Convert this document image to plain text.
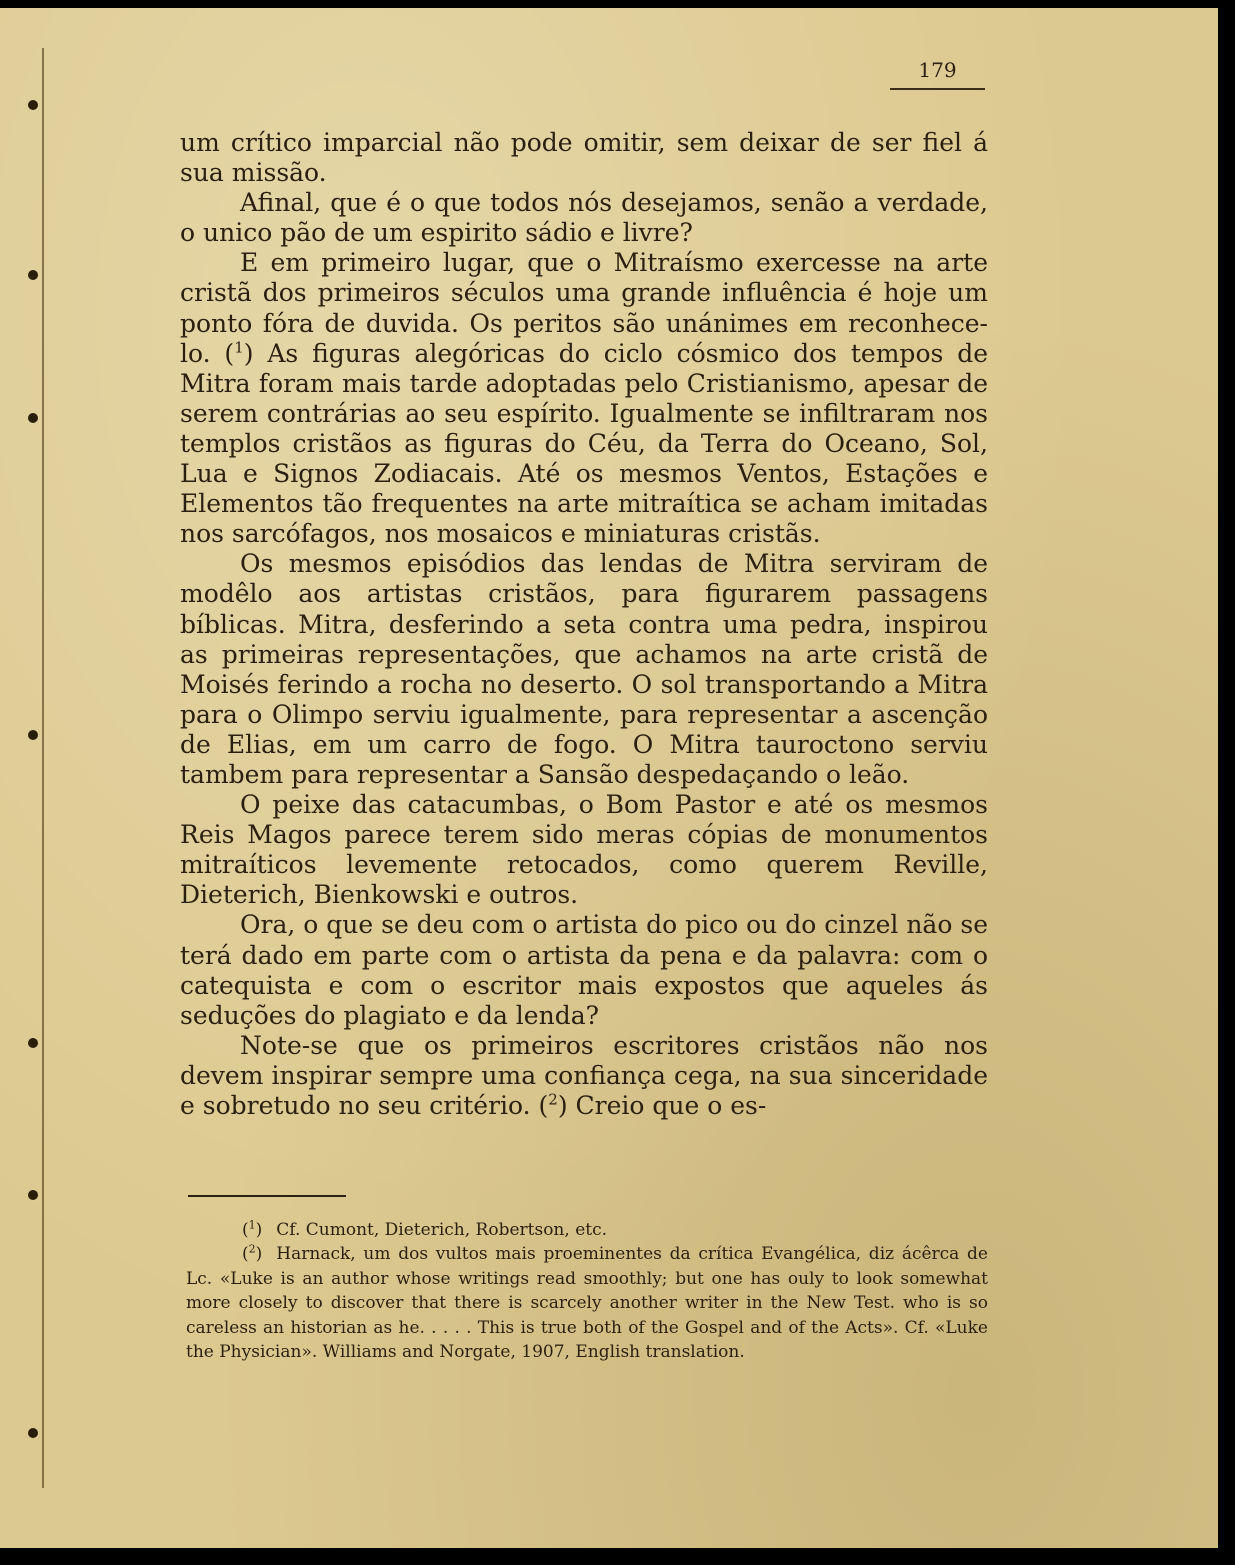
179

um crítico imparcial não pode omitir, sem deixar de ser fiel á sua missão.

Afinal, que é o que todos nós desejamos, senão a verdade, o unico pão de um espirito sádio e livre?

E em primeiro lugar, que o Mitraísmo exercesse na arte cristã dos primeiros séculos uma grande influência é hoje um ponto fóra de duvida. Os peritos são unánimes em reconhece-lo. ($^1$) As figuras alegóricas do ciclo cósmico dos tempos de Mitra foram mais tarde adoptadas pelo Cristianismo, apesar de serem contrárias ao seu espírito. Igualmente se infiltraram nos templos cristãos as figuras do Céu, da Terra do Oceano, Sol, Lua e Signos Zodiacais. Até os mesmos Ventos, Estações e Elementos tão frequentes na arte mitraítica se acham imitadas nos sarcófagos, nos mosaicos e miniaturas cristãs.

Os mesmos episódios das lendas de Mitra serviram de modêlo aos artistas cristãos, para figurarem passagens bíblicas. Mitra, desferindo a seta contra uma pedra, inspirou as primeiras representações, que achamos na arte cristã de Moisés ferindo a rocha no deserto. O sol transportando a Mitra para o Olimpo serviu igualmente, para representar a ascenção de Elias, em um carro de fogo. O Mitra tauroctono serviu tambem para representar a Sansão despedaçando o leão.

O peixe das catacumbas, o Bom Pastor e até os mesmos Reis Magos parece terem sido meras cópias de monumentos mitraíticos levemente retocados, como querem Reville, Dieterich, Bienkowski e outros.

Ora, o que se deu com o artista do pico ou do cinzel não se terá dado em parte com o artista da pena e da palavra: com o catequista e com o escritor mais expostos que aqueles ás seduções do plagiato e da lenda?

Note-se que os primeiros escritores cristãos não nos devem inspirar sempre uma confiança cega, na sua sinceridade e sobretudo no seu critério. ($^2$) Creio que o es-

($^1$) Cf. Cumont, Dieterich, Robertson, etc.

($^2$) Harnack, um dos vultos mais proeminentes da crítica Evangélica, diz ácêrca de Lc. «Luke is an author whose writings read smoothly; but one has ouly to look somewhat more closely to discover that there is scarcely another writer in the New Test. who is so careless an historian as he. . . . . This is true both of the Gospel and of the Acts». Cf. «Luke the Physician». Williams and Norgate, 1907, English translation.
